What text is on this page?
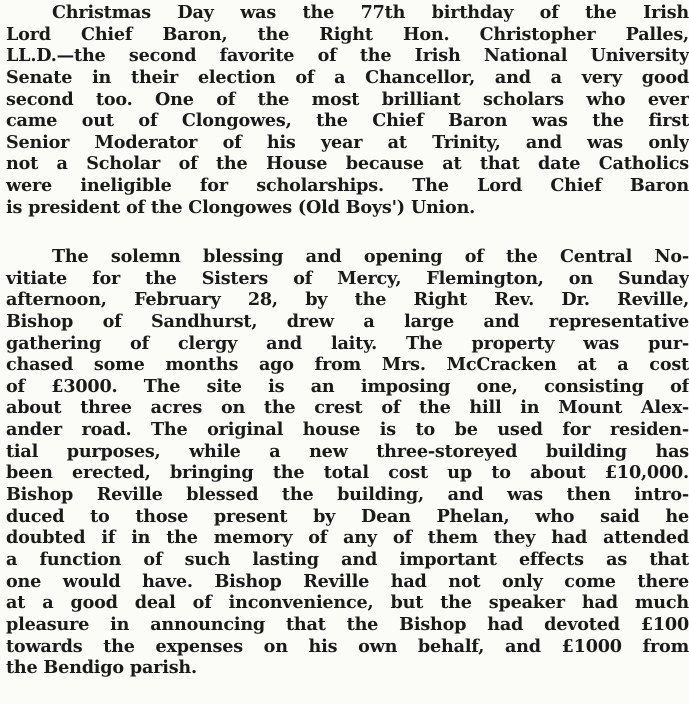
Christmas Day was the 77th birthday of the Irish
Lord Chief Baron, the Right Hon. Christopher Palles,
LL.D.—the second favorite of the Irish National University
Senate in their election of a Chancellor, and a very good
second too. One of the most brilliant scholars who ever
came out of Clongowes, the Chief Baron was the first
Senior Moderator of his year at Trinity, and was only
not a Scholar of the House because at that date Catholics
were ineligible for scholarships. The Lord Chief Baron
is president of the Clongowes (Old Boys') Union.
The solemn blessing and opening of the Central No-
vitiate for the Sisters of Mercy, Flemington, on Sunday
afternoon, February 28, by the Right Rev. Dr. Reville,
Bishop of Sandhurst, drew a large and representative
gathering of clergy and laity. The property was pur-
chased some months ago from Mrs. McCracken at a cost
of £3000. The site is an imposing one, consisting of
about three acres on the crest of the hill in Mount Alex-
ander road. The original house is to be used for residen-
tial purposes, while a new three-storeyed building has
been erected, bringing the total cost up to about £10,000.
Bishop Reville blessed the building, and was then intro-
duced to those present by Dean Phelan, who said he
doubted if in the memory of any of them they had attended
a function of such lasting and important effects as that
one would have. Bishop Reville had not only come there
at a good deal of inconvenience, but the speaker had much
pleasure in announcing that the Bishop had devoted £100
towards the expenses on his own behalf, and £1000 from
the Bendigo parish.
